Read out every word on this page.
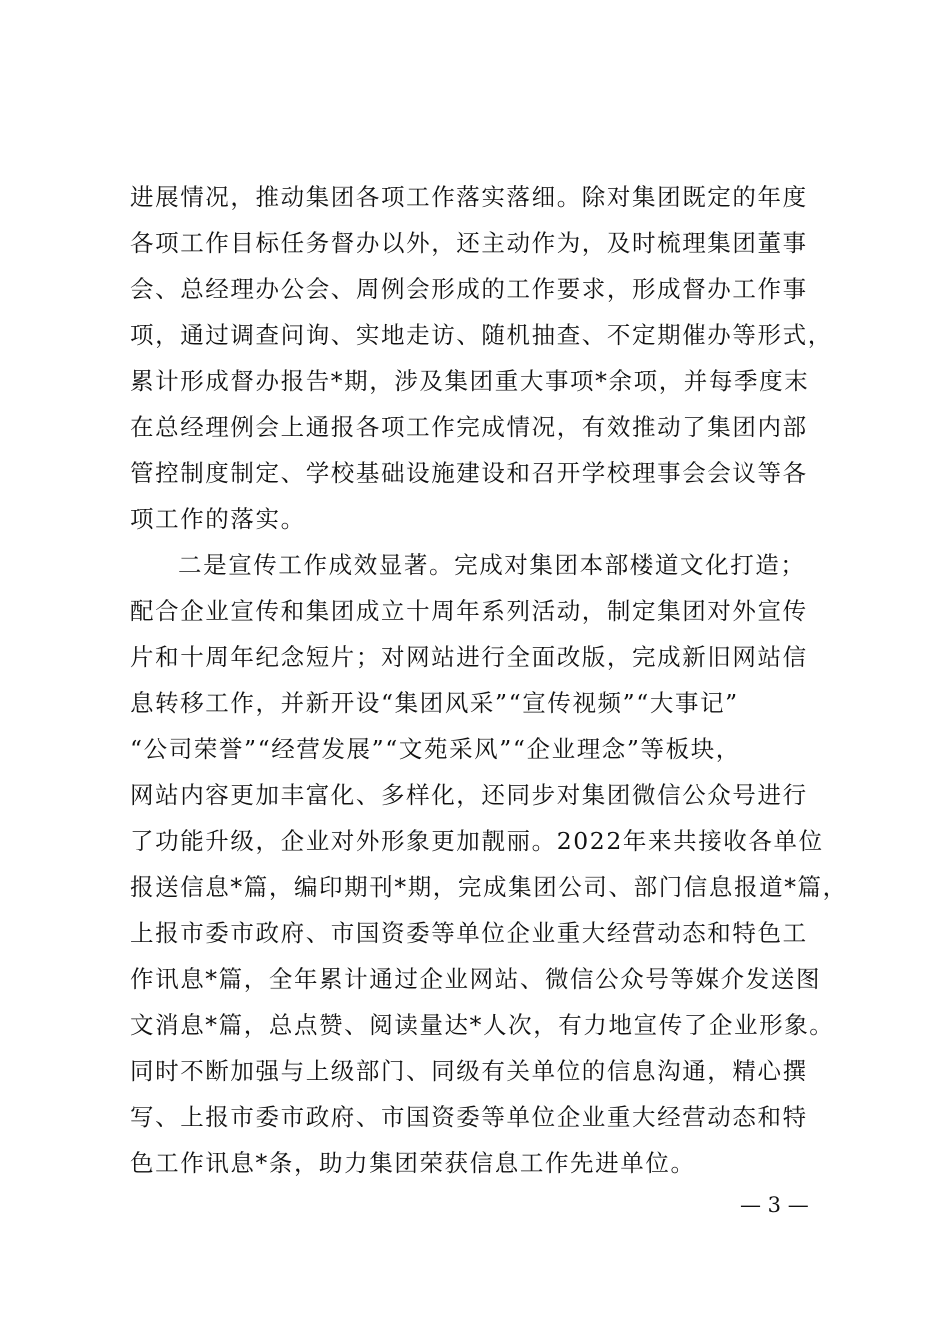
进展情况，推动集团各项工作落实落细。除对集团既定的年度
各项工作目标任务督办以外，还主动作为，及时梳理集团董事
会、总经理办公会、周例会形成的工作要求，形成督办工作事
项，通过调查问询、实地走访、随机抽查、不定期催办等形式，
累计形成督办报告*期，涉及集团重大事项*余项，并每季度末
在总经理例会上通报各项工作完成情况，有效推动了集团内部
管控制度制定、学校基础设施建设和召开学校理事会会议等各
项工作的落实。
二是宣传工作成效显著。完成对集团本部楼道文化打造；
配合企业宣传和集团成立十周年系列活动，制定集团对外宣传
片和十周年纪念短片；对网站进行全面改版，完成新旧网站信
息转移工作，并新开设“集团风采”“宣传视频”“大事记”
“公司荣誉”“经营发展”“文苑采风”“企业理念”等板块，
网站内容更加丰富化、多样化，还同步对集团微信公众号进行
了功能升级，企业对外形象更加靓丽。2022年来共接收各单位
报送信息*篇，编印期刊*期，完成集团公司、部门信息报道*篇，
上报市委市政府、市国资委等单位企业重大经营动态和特色工
作讯息*篇，全年累计通过企业网站、微信公众号等媒介发送图
文消息*篇，总点赞、阅读量达*人次，有力地宣传了企业形象。
同时不断加强与上级部门、同级有关单位的信息沟通，精心撰
写、上报市委市政府、市国资委等单位企业重大经营动态和特
色工作讯息*条，助力集团荣获信息工作先进单位。
— 3 —
